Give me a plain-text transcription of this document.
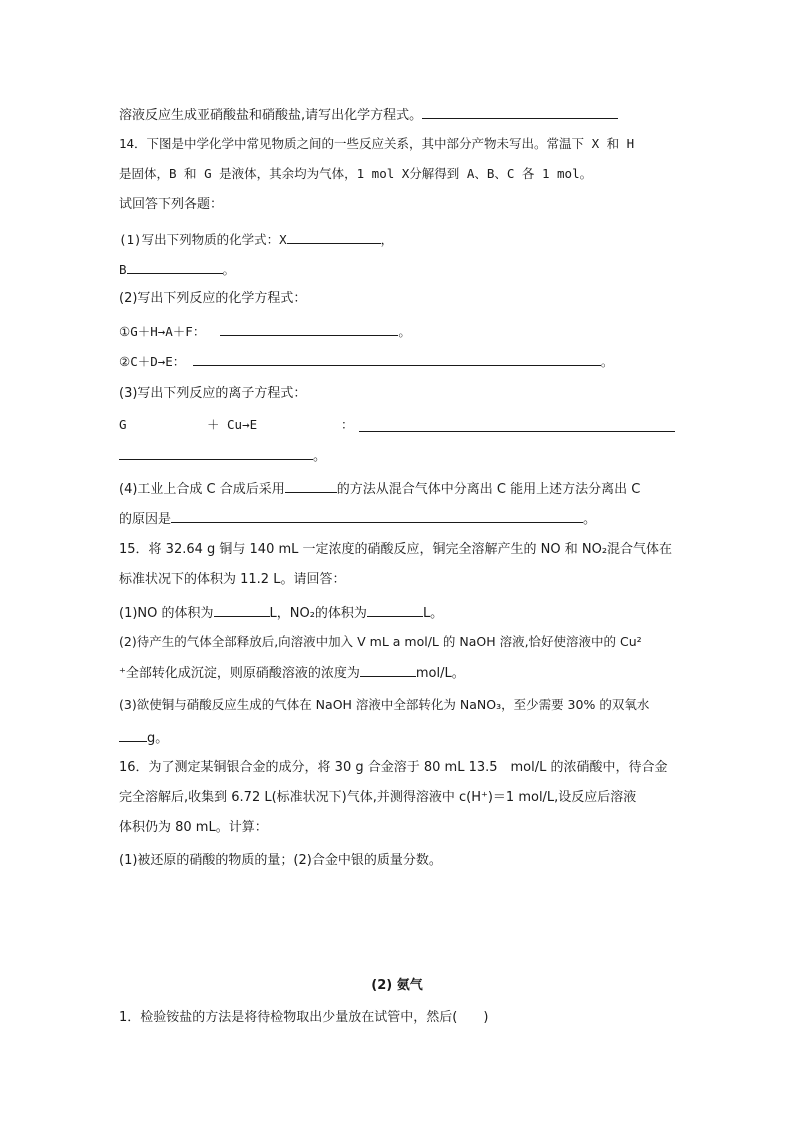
溶液反应生成亚硝酸盐和硝酸盐,请写出化学方程式。
14．下图是中学化学中常见物质之间的一些反应关系，其中部分产物未写出。常温下 X 和 H
是固体，B 和 G 是液体，其余均为气体，1 mol X分解得到 A、B、C 各 1 mol。
试回答下列各题：
(1)写出下列物质的化学式：X	，
B	。
(2)写出下列反应的化学方程式：
①G＋H→A＋F：	。
②C＋D→E：	。
(3)写出下列反应的离子方程式：
G	＋ Cu→E	：
。
(4)工业上合成 C 合成后采用	的方法从混合气体中分离出 C 能用上述方法分离出 C
的原因是	。
15．将 32.64 g 铜与 140 mL 一定浓度的硝酸反应，铜完全溶解产生的 NO 和 NO₂混合气体在
标准状况下的体积为 11.2 L。请回答：
(1)NO 的体积为	L，NO₂的体积为	L。
(2)待产生的气体全部释放后,向溶液中加入 V mL a mol/L 的 NaOH 溶液,恰好使溶液中的 Cu²
⁺全部转化成沉淀，则原硝酸溶液的浓度为	mol/L。
(3)欲使铜与硝酸反应生成的气体在 NaOH 溶液中全部转化为 NaNO₃，至少需要 30% 的双氧水
g。
16．为了测定某铜银合金的成分，将 30 g 合金溶于 80 mL 13.5　mol/L 的浓硝酸中，待合金
完全溶解后,收集到 6.72 L(标准状况下)气体,并测得溶液中 c(H⁺)＝1 mol/L,设反应后溶液
体积仍为 80 mL。计算：
(1)被还原的硝酸的物质的量；(2)合金中银的质量分数。
(2) 氨气
1．检验铵盐的方法是将待检物取出少量放在试管中，然后(　　)
